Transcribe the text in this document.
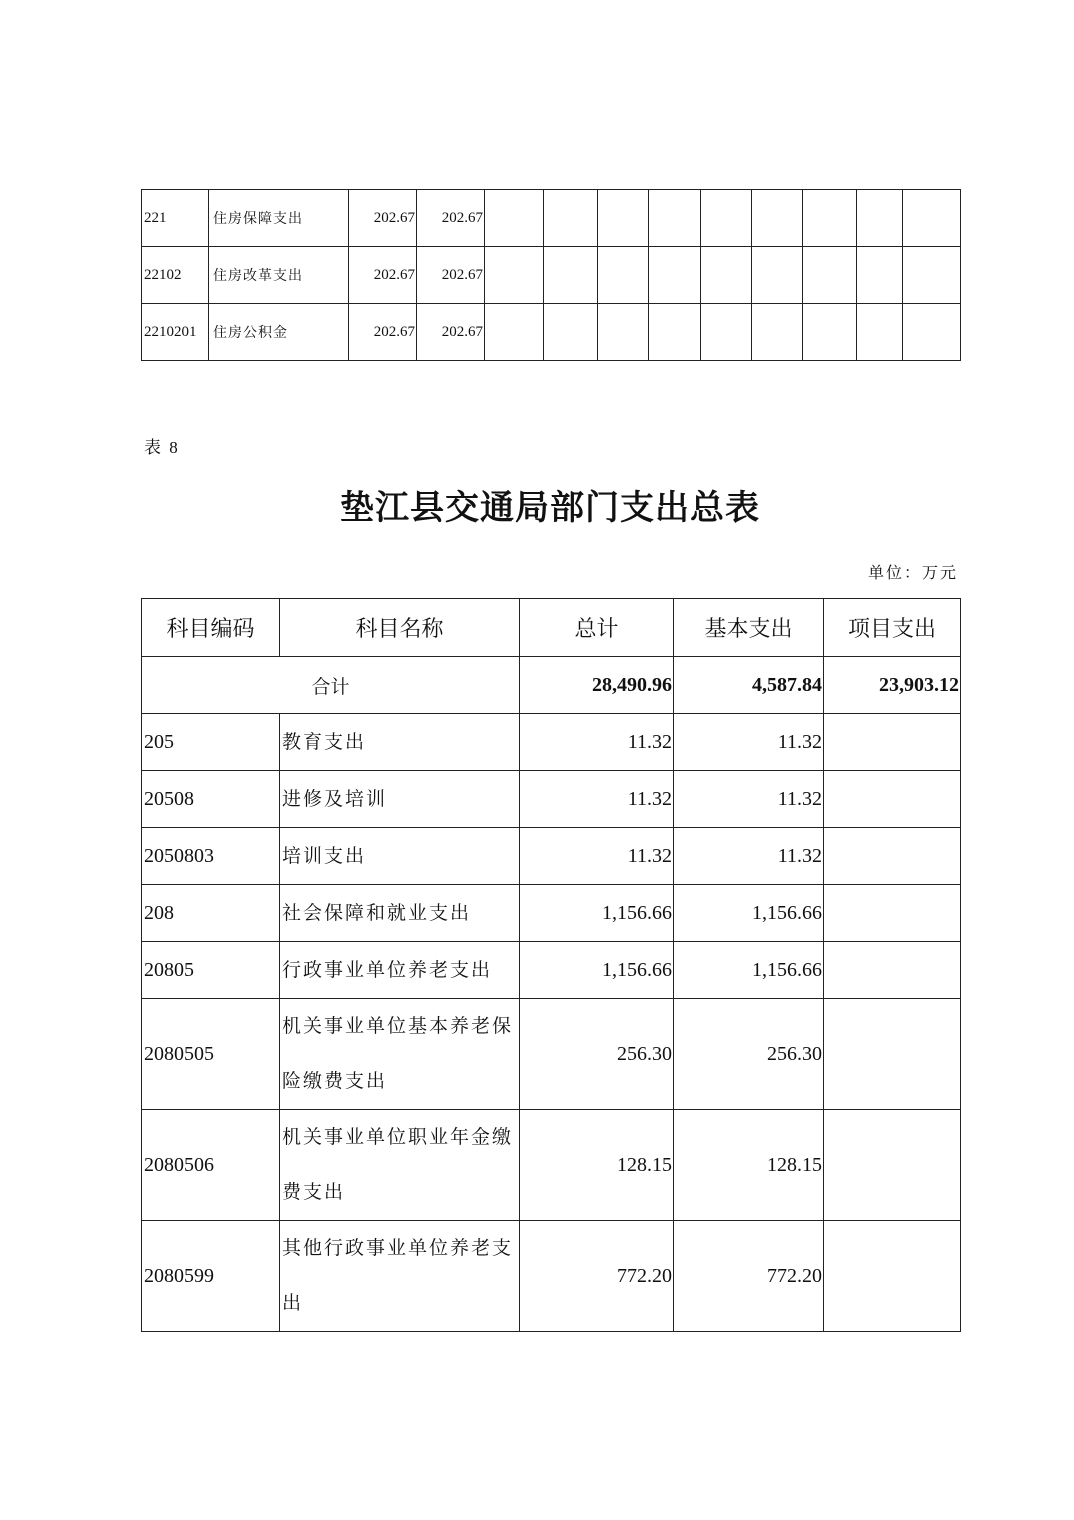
221	住房保障支出	202.67	202.67									
22102	住房改革支出	202.67	202.67									
2210201	住房公积金	202.67	202.67									
表 8
垫江县交通局部门支出总表
单位：万元
科目编码	科目名称	总计	基本支出	项目支出
合计		28,490.96	4,587.84	23,903.12
205	教育支出	11.32	11.32	
20508	进修及培训	11.32	11.32	
2050803	培训支出	11.32	11.32	
208	社会保障和就业支出	1,156.66	1,156.66	
20805	行政事业单位养老支出	1,156.66	1,156.66	
2080505	机关事业单位基本养老保险缴费支出	256.30	256.30	
2080506	机关事业单位职业年金缴费支出	128.15	128.15	
2080599	其他行政事业单位养老支出	772.20	772.20	
